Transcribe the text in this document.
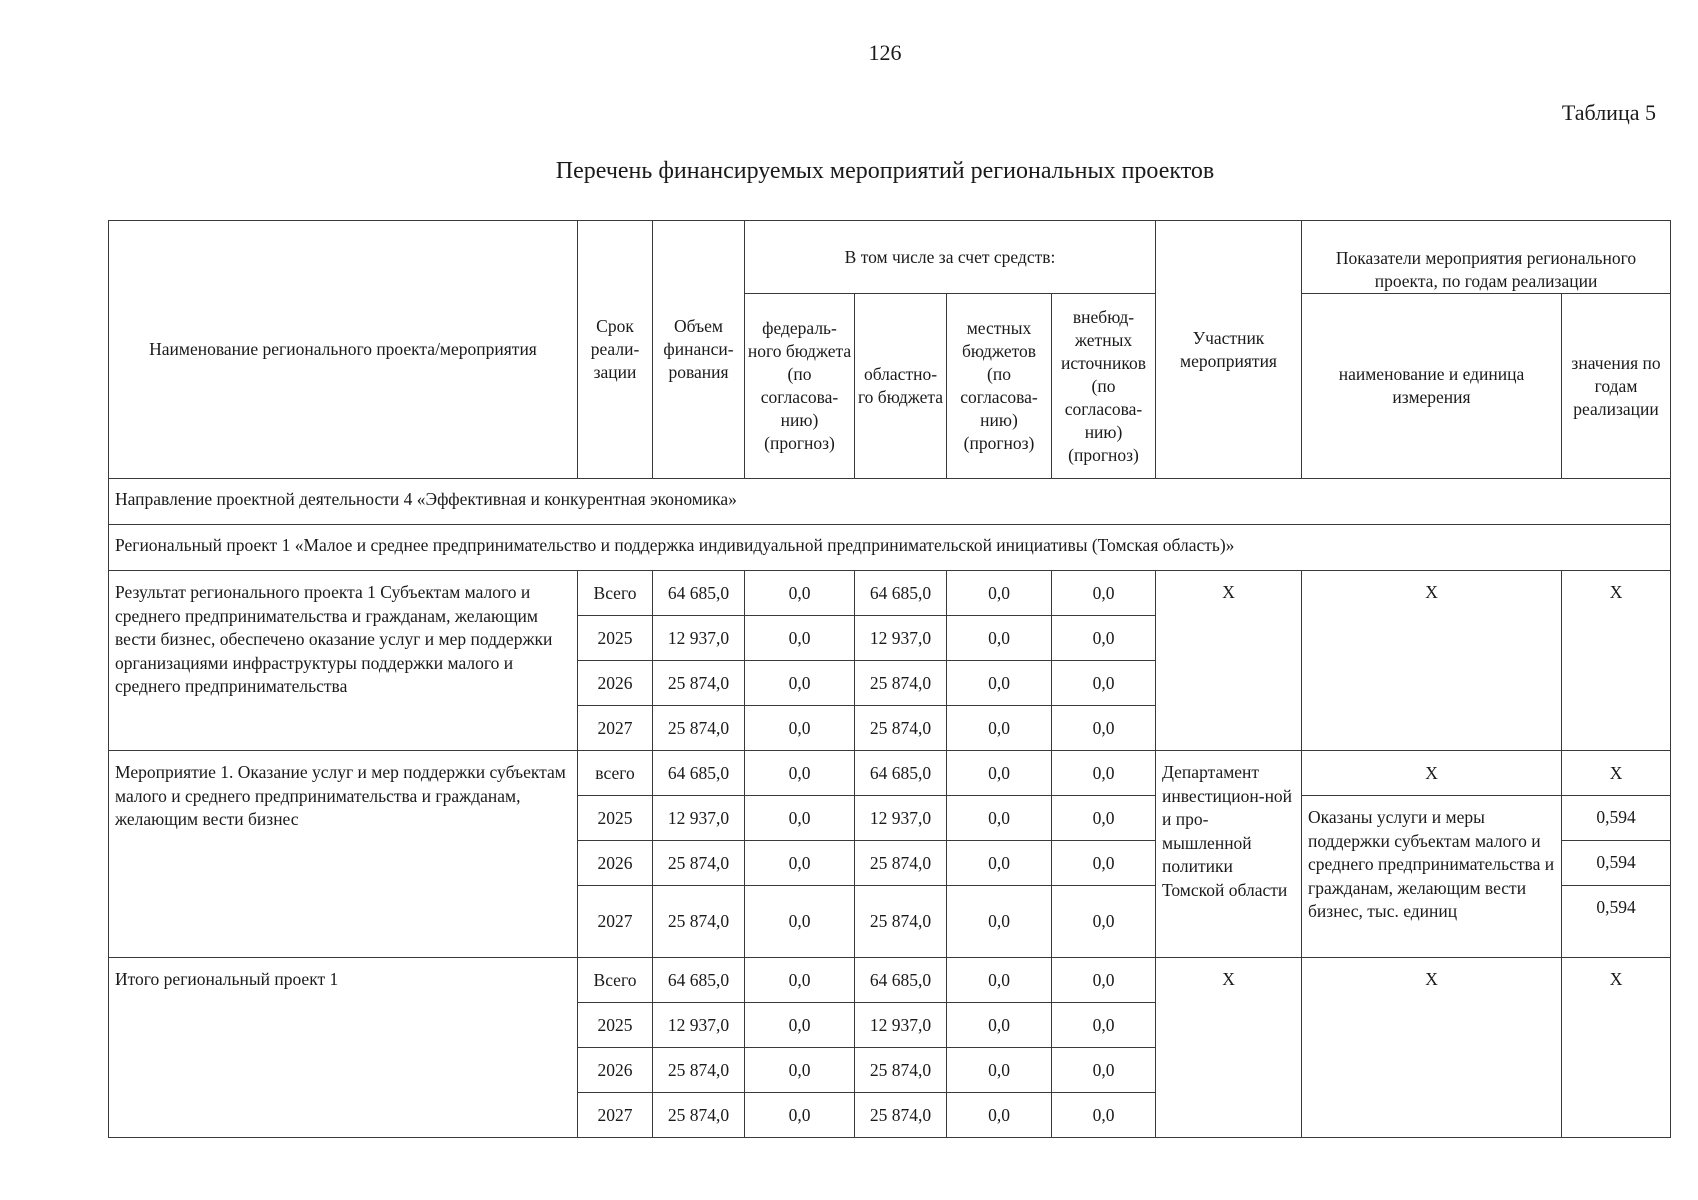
126
Таблица 5
Перечень финансируемых мероприятий региональных проектов
Наименование регионального проекта/мероприятия	Срок реали-зации	Объем финанси-рования	В том числе за счет средств:				Участник мероприятия	Показатели мероприятия регионального проекта, по годам реализации	
			федераль-ного бюджета (по согласова-нию) (прогноз)	областно-го бюджета	местных бюджетов (по согласова-нию) (прогноз)	внебюд-жетных источников (по согласова-нию) (прогноз)		наименование и единица измерения	значения по годам реализации
Направление проектной деятельности 4 «Эффективная и конкурентная экономика»									
Региональный проект 1 «Малое и среднее предпринимательство и поддержка индивидуальной предпринимательской инициативы (Томская область)»									
Результат регионального проекта 1 Субъектам малого и среднего предпринимательства и гражданам, желающим вести бизнес, обеспечено оказание услуг и мер поддержки организациями инфраструктуры поддержки малого и среднего предпринимательства	Всего	64 685,0	0,0	64 685,0	0,0	0,0	Х	Х	Х
	2025	12 937,0	0,0	12 937,0	0,0	0,0			
	2026	25 874,0	0,0	25 874,0	0,0	0,0			
	2027	25 874,0	0,0	25 874,0	0,0	0,0			
Мероприятие 1. Оказание услуг и мер поддержки субъектам малого и среднего предпринимательства и гражданам, желающим вести бизнес	всего	64 685,0	0,0	64 685,0	0,0	0,0	Департамент инвестицион-ной и про-мышленной политики Томской области	Х	Х
	2025	12 937,0	0,0	12 937,0	0,0	0,0		Оказаны услуги и меры поддержки субъектам малого и среднего предпринимательства и гражданам, желающим вести бизнес, тыс. единиц	0,594
	2026	25 874,0	0,0	25 874,0	0,0	0,0			0,594
	2027	25 874,0	0,0	25 874,0	0,0	0,0			0,594
Итого региональный проект 1	Всего	64 685,0	0,0	64 685,0	0,0	0,0	Х	Х	Х
	2025	12 937,0	0,0	12 937,0	0,0	0,0			
	2026	25 874,0	0,0	25 874,0	0,0	0,0			
	2027	25 874,0	0,0	25 874,0	0,0	0,0			
